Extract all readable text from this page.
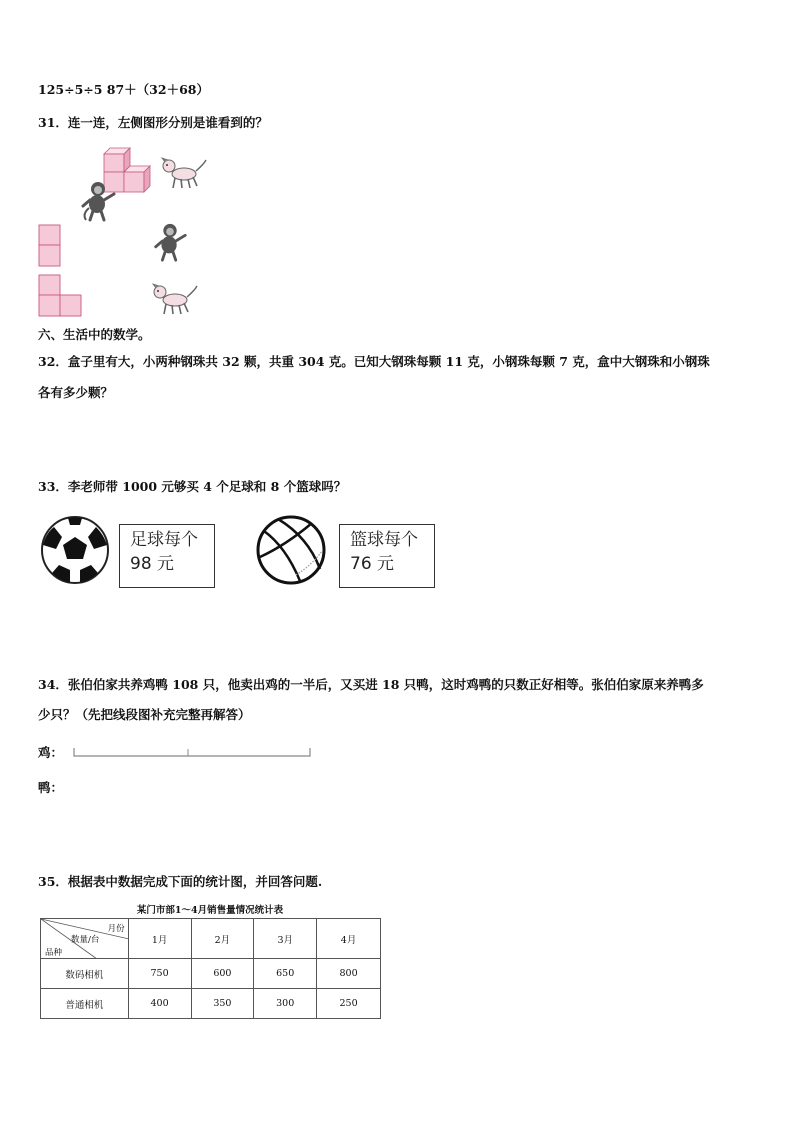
125÷5÷5 87＋（32＋68）
31．连一连，左侧图形分别是谁看到的？
六、生活中的数学。
32．盒子里有大，小两种钢珠共 32 颗，共重 304 克。已知大钢珠每颗 11 克，小钢珠每颗 7 克，盒中大钢珠和小钢珠
各有多少颗？
33．李老师带 1000 元够买 4 个足球和 8 个篮球吗？
足球每个
98 元
篮球每个
76 元
34．张伯伯家共养鸡鸭 108 只，他卖出鸡的一半后，又买进 18 只鸭，这时鸡鸭的只数正好相等。张伯伯家原来养鸭多
少只？（先把线段图补充完整再解答）
鸡：
鸭：
35．根据表中数据完成下面的统计图，并回答问题.
某门市部1～4月销售量情况统计表
月份
数量/台
品种	1月	2月	3月	4月
数码相机	750	600	650	800
普通相机	400	350	300	250
